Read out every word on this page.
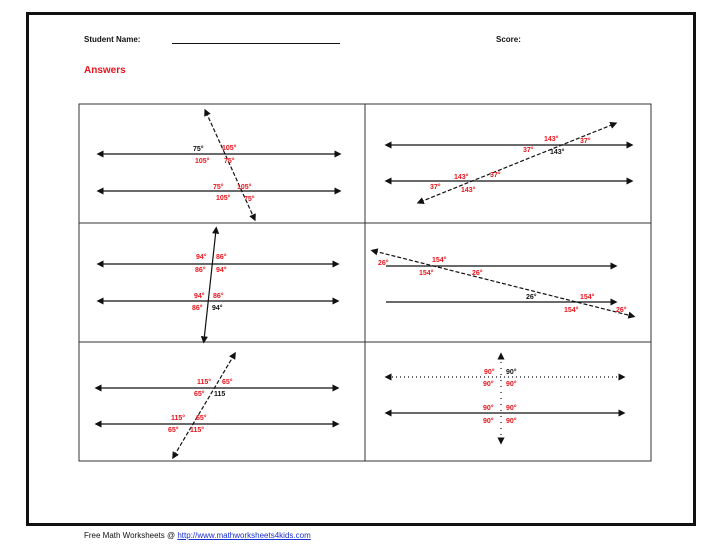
Student Name:	Score:
Answers
75°	105°
105° 75°
75° 105°
105° 75°
143°	37°
37° 143°
143°	37°
37°	143°
94° 86°
86° 94°
94° 86°
86° 94°
26°	154°
154°	26°
26°	154°
154°	26°
115° 65°
65° 115
115° 65°
65° 115°
90° 90°
90° 90°
90° 90°
90° 90°
Free Math Worksheets @ http://www.mathworksheets4kids.com
